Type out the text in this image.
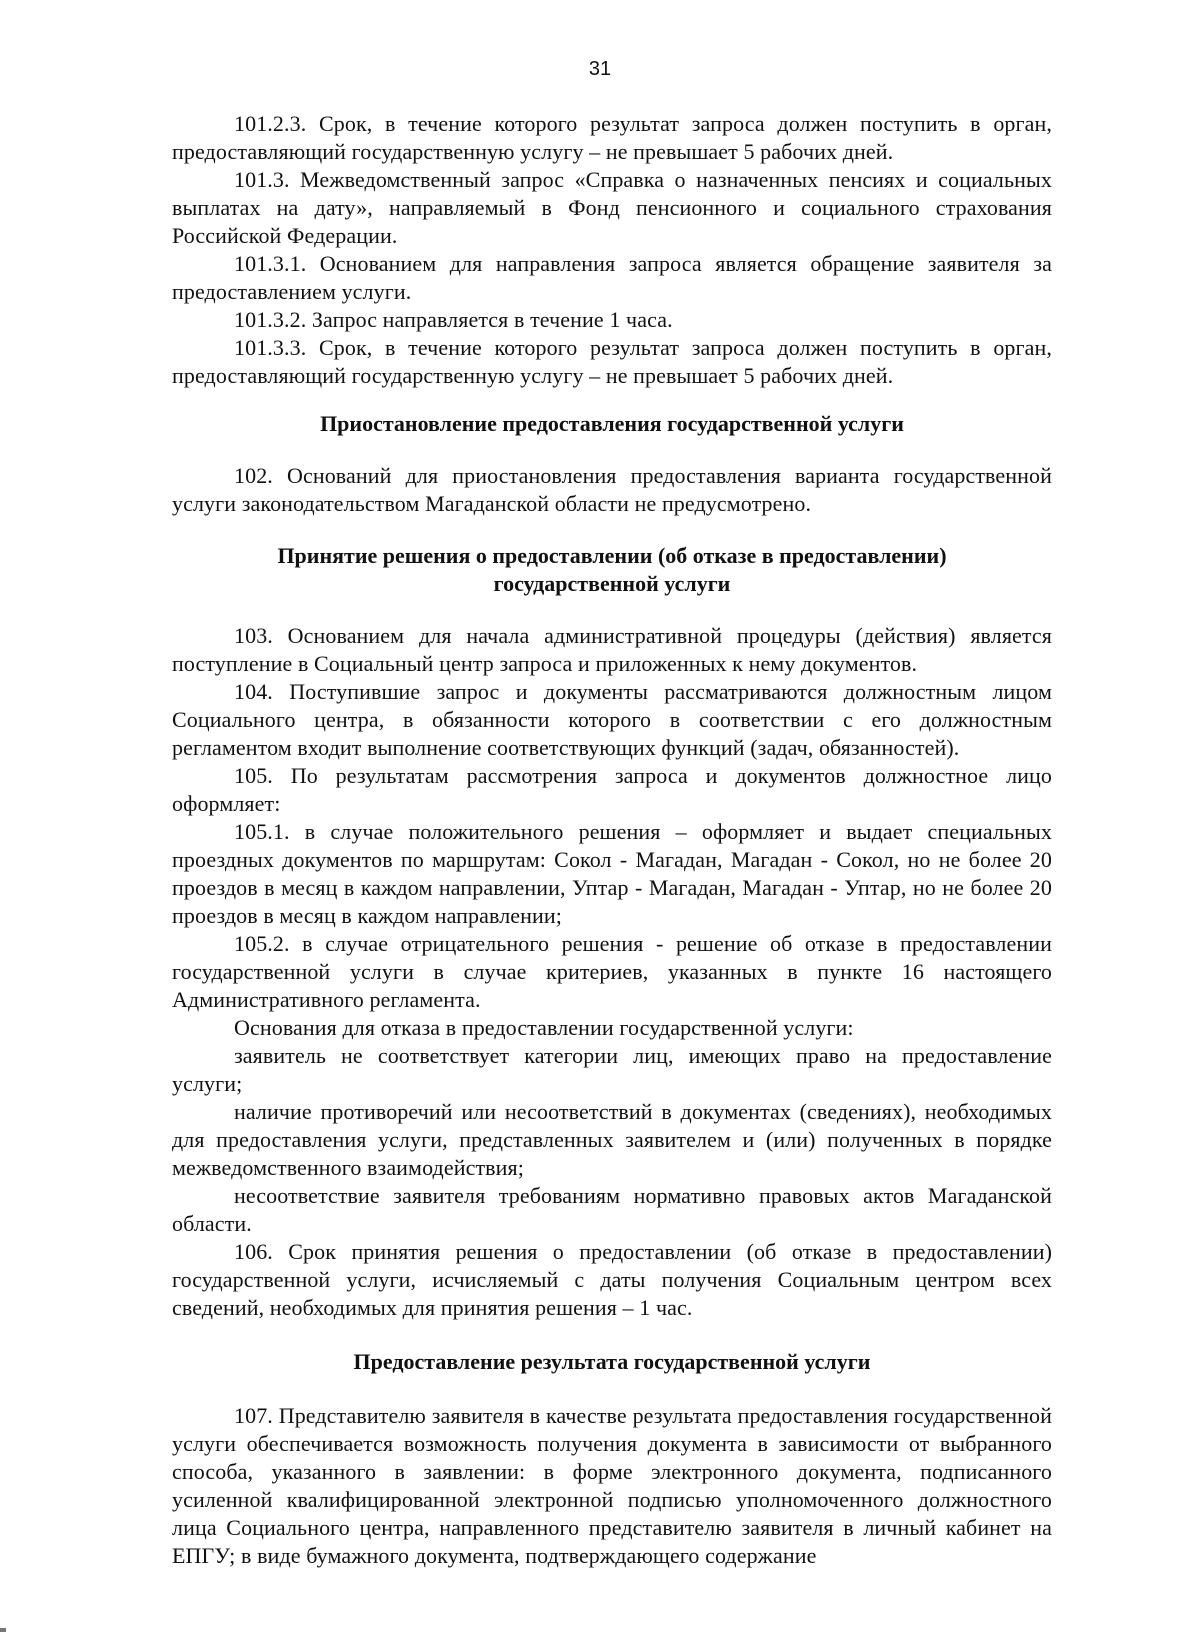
31

101.2.3. Срок, в течение которого результат запроса должен поступить в орган, предоставляющий государственную услугу – не превышает 5 рабочих дней.

101.3. Межведомственный запрос «Справка о назначенных пенсиях и социальных выплатах на дату», направляемый в Фонд пенсионного и социального страхования Российской Федерации.

101.3.1. Основанием для направления запроса является обращение заявителя за предоставлением услуги.

101.3.2. Запрос направляется в течение 1 часа.

101.3.3. Срок, в течение которого результат запроса должен поступить в орган, предоставляющий государственную услугу – не превышает 5 рабочих дней.

Приостановление предоставления государственной услуги

102. Оснований для приостановления предоставления варианта государственной услуги законодательством Магаданской области не предусмотрено.

Принятие решения о предоставлении (об отказе в предоставлении)
государственной услуги

103. Основанием для начала административной процедуры (действия) является поступление в Социальный центр запроса и приложенных к нему документов.

104. Поступившие запрос и документы рассматриваются должностным лицом Социального центра, в обязанности которого в соответствии с его должностным регламентом входит выполнение соответствующих функций (задач, обязанностей).

105. По результатам рассмотрения запроса и документов должностное лицо оформляет:

105.1. в случае положительного решения – оформляет и выдает специальных проездных документов по маршрутам: Сокол - Магадан, Магадан - Сокол, но не более 20 проездов в месяц в каждом направлении, Уптар - Магадан, Магадан - Уптар, но не более 20 проездов в месяц в каждом направлении;

105.2. в случае отрицательного решения - решение об отказе в предоставлении государственной услуги в случае критериев, указанных в пункте 16 настоящего Административного регламента.

Основания для отказа в предоставлении государственной услуги:

заявитель не соответствует категории лиц, имеющих право на предоставление услуги;

наличие противоречий или несоответствий в документах (сведениях), необходимых для предоставления услуги, представленных заявителем и (или) полученных в порядке межведомственного взаимодействия;

несоответствие заявителя требованиям нормативно правовых актов Магаданской области.

106. Срок принятия решения о предоставлении (об отказе в предоставлении) государственной услуги, исчисляемый с даты получения Социальным центром всех сведений, необходимых для принятия решения – 1 час.

Предоставление результата государственной услуги

107. Представителю заявителя в качестве результата предоставления государственной услуги обеспечивается возможность получения документа в зависимости от выбранного способа, указанного в заявлении: в форме электронного документа, подписанного усиленной квалифицированной электронной подписью уполномоченного должностного лица Социального центра, направленного представителю заявителя в личный кабинет на ЕПГУ; в виде бумажного документа, подтверждающего содержание
